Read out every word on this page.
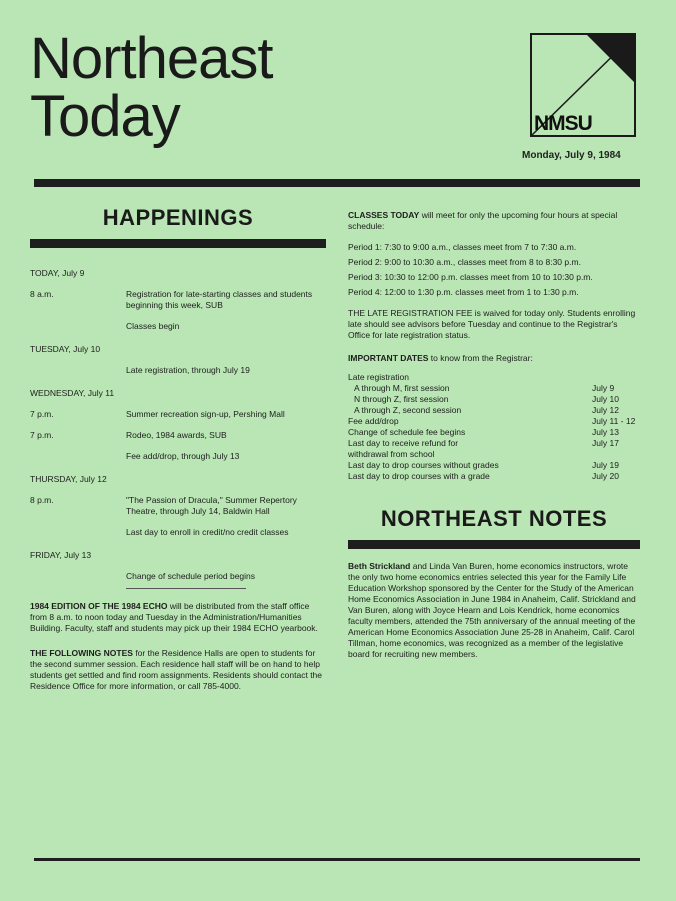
Northeast
Today	NMSU
Monday, July 9, 1984
HAPPENINGS

TODAY, July 9

8 a.m.	Registration for late-starting classes and students beginning this week, SUB
Classes begin

TUESDAY, July 10

Late registration, through July 19

WEDNESDAY, July 11

7 p.m.	Summer recreation sign-up, Pershing Mall
7 p.m.	Rodeo, 1984 awards, SUB
Fee add/drop, through July 13

THURSDAY, July 12

8 p.m.	"The Passion of Dracula," Summer Repertory Theatre, through July 14, Baldwin Hall
Last day to enroll in credit/no credit classes

FRIDAY, July 13

Change of schedule period begins

1984 EDITION OF THE 1984 ECHO will be distributed from the staff office from 8 a.m. to noon today and Tuesday in the Administration/Humanities Building. Faculty, staff and students may pick up their 1984 ECHO yearbook.

THE FOLLOWING NOTES for the Residence Halls are open to students for the second summer session. Each residence hall staff will be on hand to help students get settled and find room assignments. Residents should contact the Residence Office for more information, or call 785-4000.

CLASSES TODAY will meet for only the upcoming four hours at special schedule:

Period 1: 7:30 to 9:00 a.m., classes meet from 7 to 7:30 a.m.

Period 2: 9:00 to 10:30 a.m., classes meet from 8 to 8:30 p.m.

Period 3: 10:30 to 12:00 p.m. classes meet from 10 to 10:30 p.m.

Period 4: 12:00 to 1:30 p.m. classes meet from 1 to 1:30 p.m.

THE LATE REGISTRATION FEE is waived for today only. Students enrolling late should see advisors before Tuesday and continue to the Registrar's Office for late registration status.

IMPORTANT DATES to know from the Registrar:

Late registration
A through M, first session	July 9
N through Z, first session	July 10
A through Z, second session	July 12
Fee add/drop	July 11 - 12
Change of schedule fee begins	July 13
Last day to receive refund for	July 17
withdrawal from school
Last day to drop courses without grades	July 19
Last day to drop courses with a grade	July 20
NORTHEAST NOTES

Beth Strickland and Linda Van Buren, home economics instructors, wrote the only two home economics entries selected this year for the Family Life Education Workshop sponsored by the Center for the Study of the American Home Economics Association in June 1984 in Anaheim, Calif. Strickland and Van Buren, along with Joyce Hearn and Lois Kendrick, home economics faculty members, attended the 75th anniversary of the annual meeting of the American Home Economics Association June 25-28 in Anaheim, Calif. Carol Tillman, home economics, was recognized as a member of the legislative board for recruiting new members.
